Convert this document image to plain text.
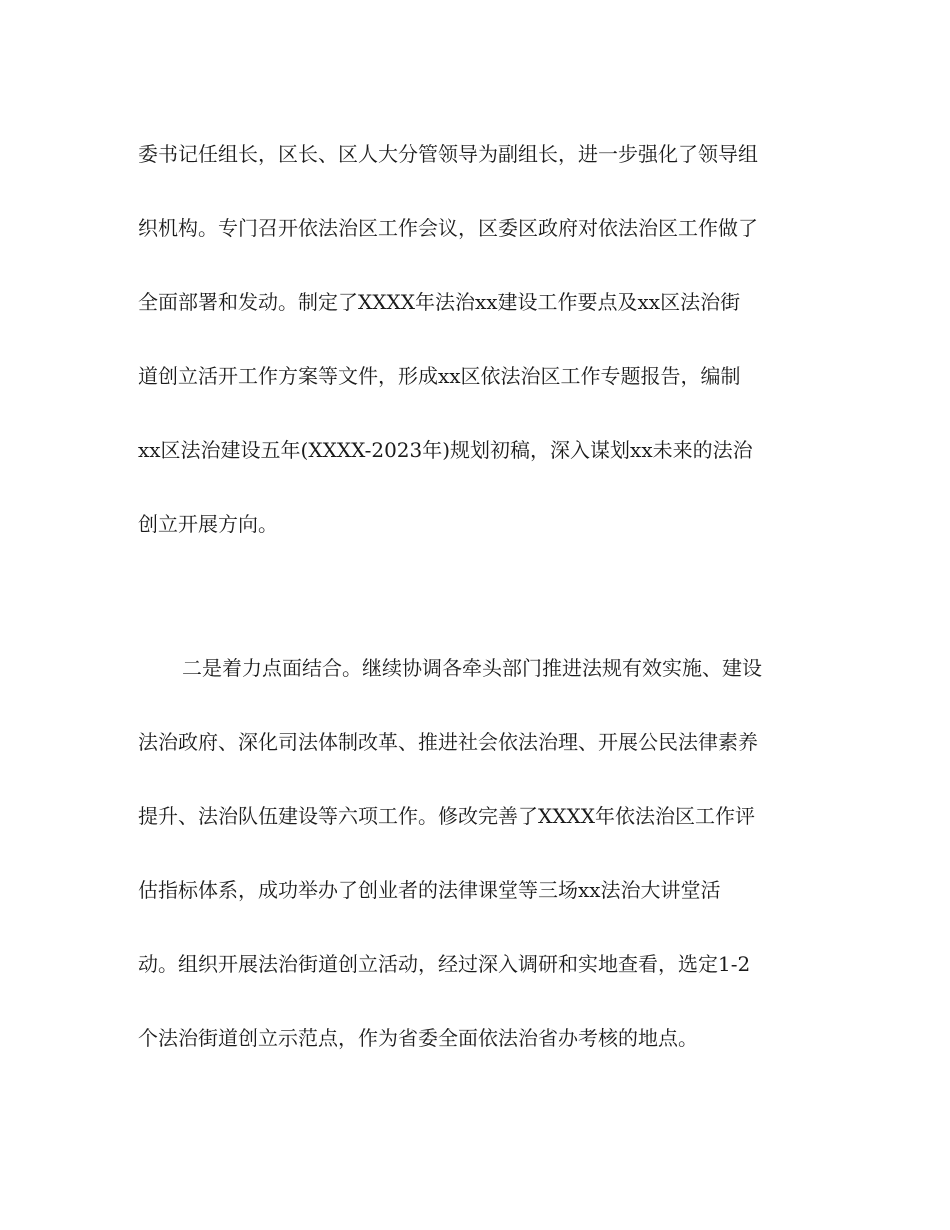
委书记任组长，区长、区人大分管领导为副组长，进一步强化了领导组
织机构。专门召开依法治区工作会议，区委区政府对依法治区工作做了
全面部署和发动。制定了XXXX年法治xx建设工作要点及xx区法治街
道创立活开工作方案等文件，形成xx区依法治区工作专题报告，编制
xx区法治建设五年(XXXX-2023年)规划初稿，深入谋划xx未来的法治
创立开展方向。
二是着力点面结合。继续协调各牵头部门推进法规有效实施、建设
法治政府、深化司法体制改革、推进社会依法治理、开展公民法律素养
提升、法治队伍建设等六项工作。修改完善了XXXX年依法治区工作评
估指标体系，成功举办了创业者的法律课堂等三场xx法治大讲堂活
动。组织开展法治街道创立活动，经过深入调研和实地查看，选定1-2
个法治街道创立示范点，作为省委全面依法治省办考核的地点。
